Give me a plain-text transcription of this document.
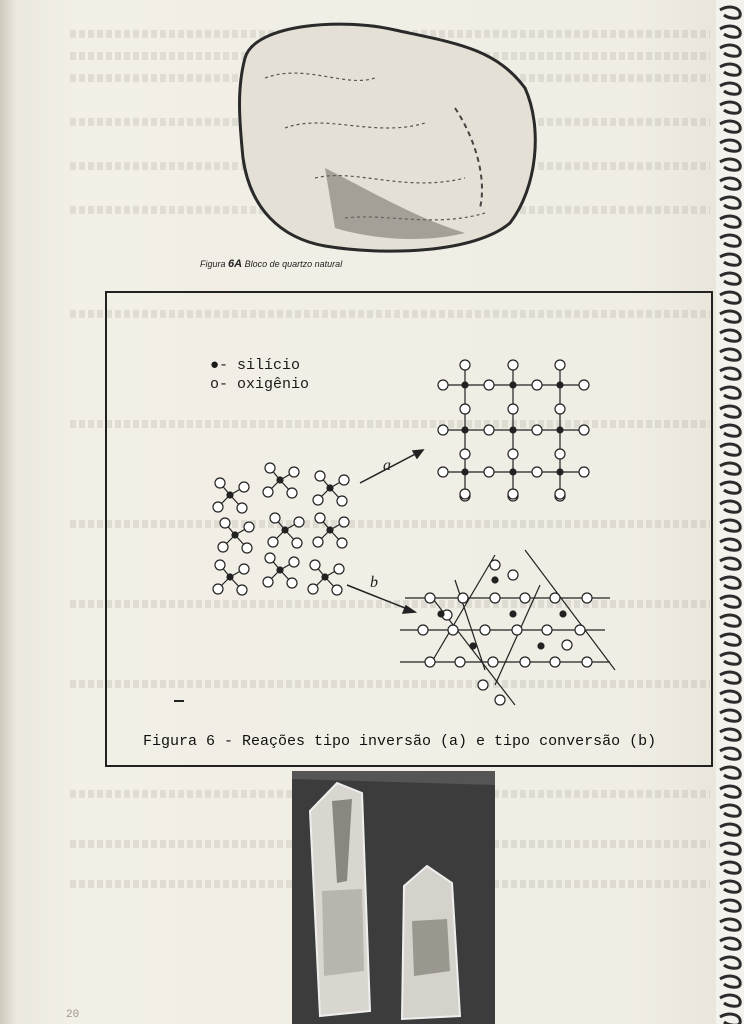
Figura 6A Bloco de quartzo natural
●- silício
o- oxigênio
a
b
Figura 6 - Reações tipo inversão (a) e tipo conversão (b)
20
